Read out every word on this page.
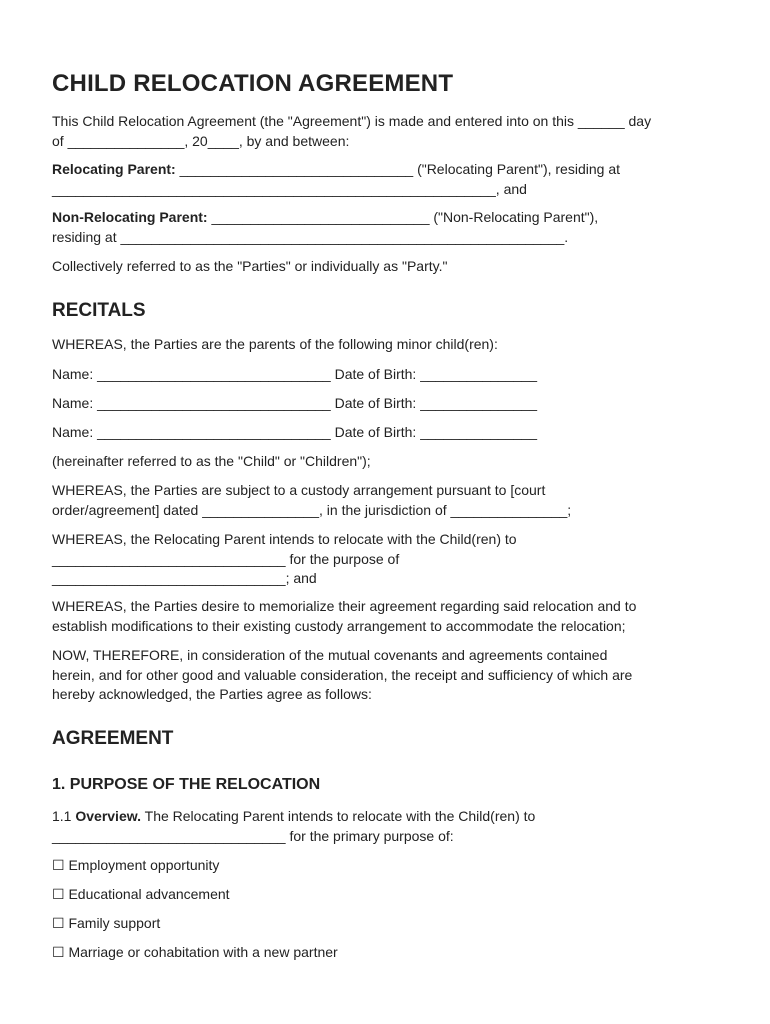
CHILD RELOCATION AGREEMENT

This Child Relocation Agreement (the "Agreement") is made and entered into on this ______ day
of _______________, 20____, by and between:

Relocating Parent: ______________________________ ("Relocating Parent"), residing at
_________________________________________________________, and

Non-Relocating Parent: ____________________________ ("Non-Relocating Parent"),
residing at _________________________________________________________.

Collectively referred to as the "Parties" or individually as "Party."

RECITALS

WHEREAS, the Parties are the parents of the following minor child(ren):

Name: ______________________________ Date of Birth: _______________

Name: ______________________________ Date of Birth: _______________

Name: ______________________________ Date of Birth: _______________

(hereinafter referred to as the "Child" or "Children");

WHEREAS, the Parties are subject to a custody arrangement pursuant to [court
order/agreement] dated _______________, in the jurisdiction of _______________;

WHEREAS, the Relocating Parent intends to relocate with the Child(ren) to
______________________________ for the purpose of
______________________________; and

WHEREAS, the Parties desire to memorialize their agreement regarding said relocation and to
establish modifications to their existing custody arrangement to accommodate the relocation;

NOW, THEREFORE, in consideration of the mutual covenants and agreements contained
herein, and for other good and valuable consideration, the receipt and sufficiency of which are
hereby acknowledged, the Parties agree as follows:

AGREEMENT
1. PURPOSE OF THE RELOCATION

1.1 Overview. The Relocating Parent intends to relocate with the Child(ren) to
______________________________ for the primary purpose of:

☐ Employment opportunity

☐ Educational advancement

☐ Family support

☐ Marriage or cohabitation with a new partner
